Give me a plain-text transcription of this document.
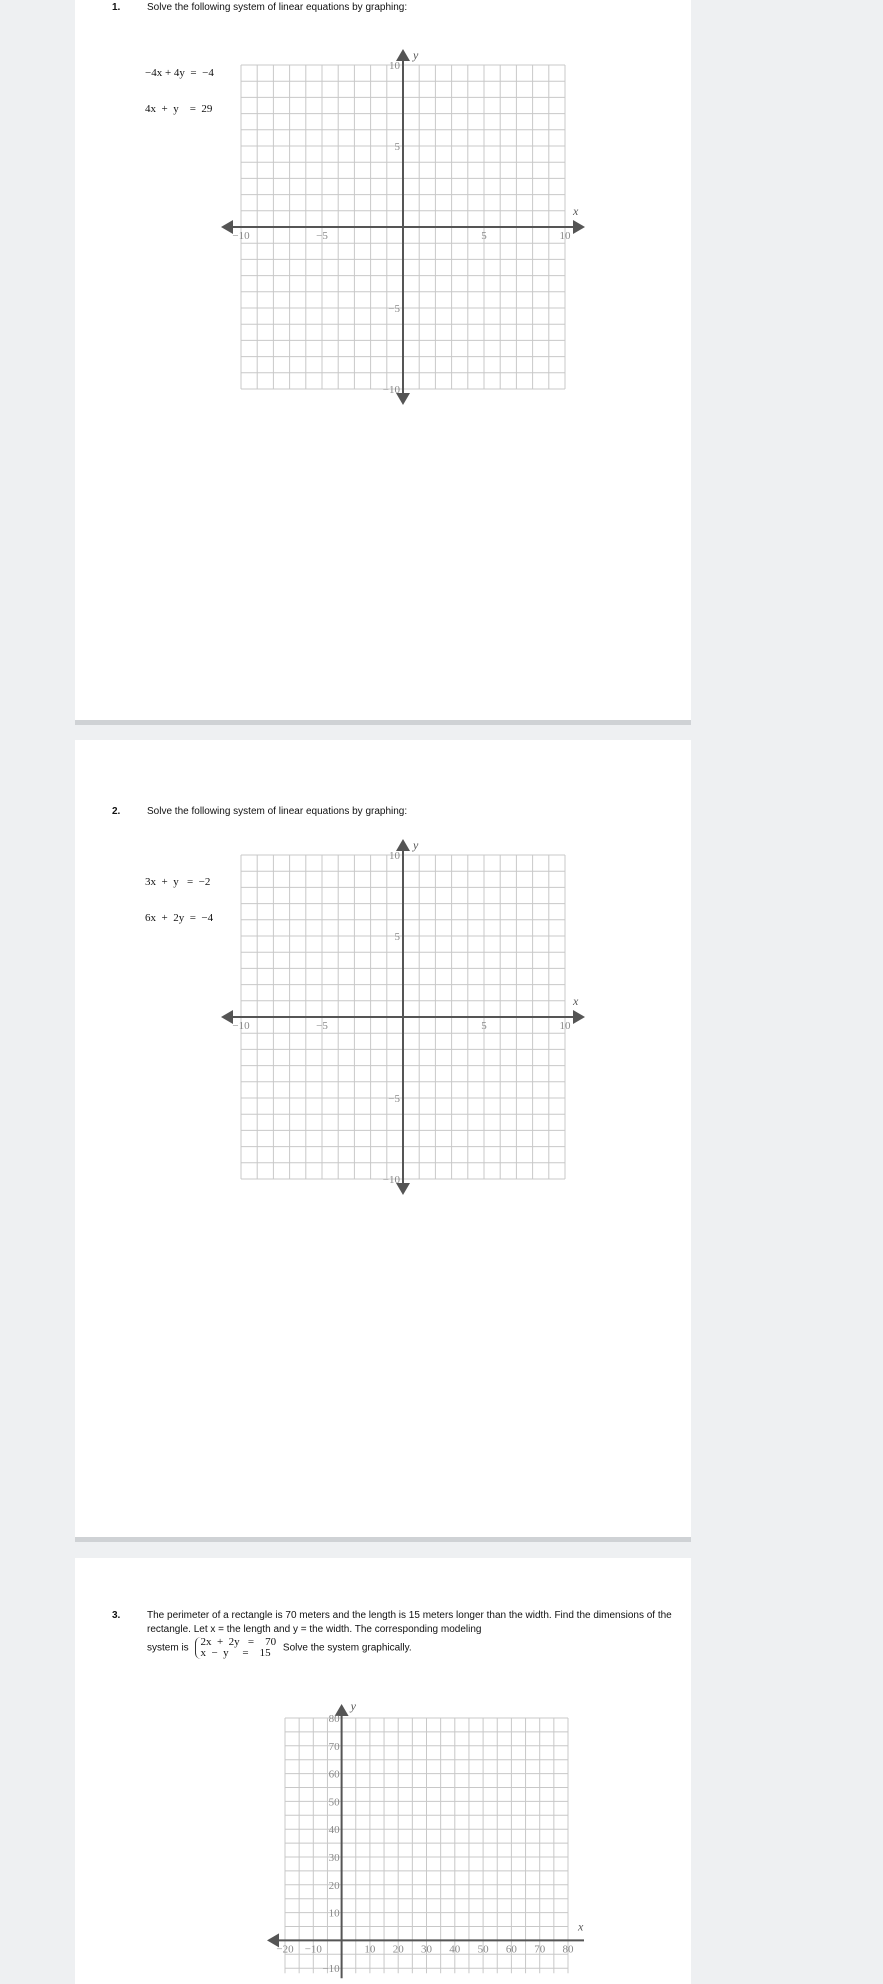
1.	Solve the following system of linear equations by graphing:

−4x + 4y  =  −4

4x  +  y    =  29

−10	−5	5	10
10
5
−5
−10
x
y
2.	Solve the following system of linear equations by graphing:

3x  +  y   =  −2

6x  +  2y  =  −4

−10	−5	5	10
10
5
−5
−10
x
y
3.	The perimeter of a rectangle is 70 meters and the length is 15 meters longer than the width. Find the dimensions of the rectangle. Let x = the length and y = the width. The corresponding modeling
system is
2x  +  2y   =    70
x  −  y     =    15	Solve the system graphically.
−20 −10	10 20 30 40 50 60 70 80
80
70
60
50
40
30
20
10
−10
x
y
